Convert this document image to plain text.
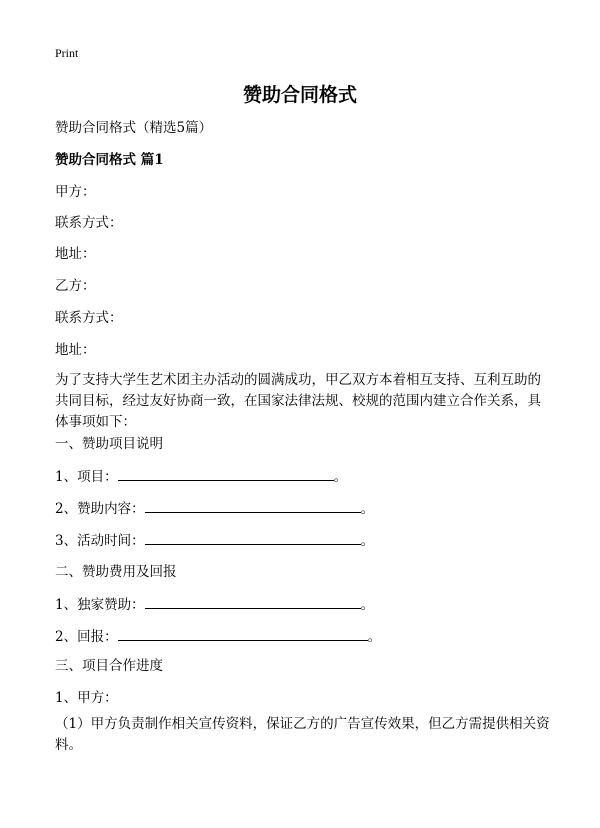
Print
赞助合同格式
赞助合同格式（精选5篇）
赞助合同格式 篇1
甲方：
联系方式：
地址：
乙方：
联系方式：
地址：
为了支持大学生艺术团主办活动的圆满成功，甲乙双方本着相互支持、互利互助的共同目标，经过友好协商一致，在国家法律法规、校规的范围内建立合作关系，具体事项如下：
一、赞助项目说明
1、项目：	。
2、赞助内容：	。
3、活动时间：	。
二、赞助费用及回报
1、独家赞助：	。
2、回报：	。
三、项目合作进度
1、甲方：
（1）甲方负责制作相关宣传资料，保证乙方的广告宣传效果，但乙方需提供相关资料。
